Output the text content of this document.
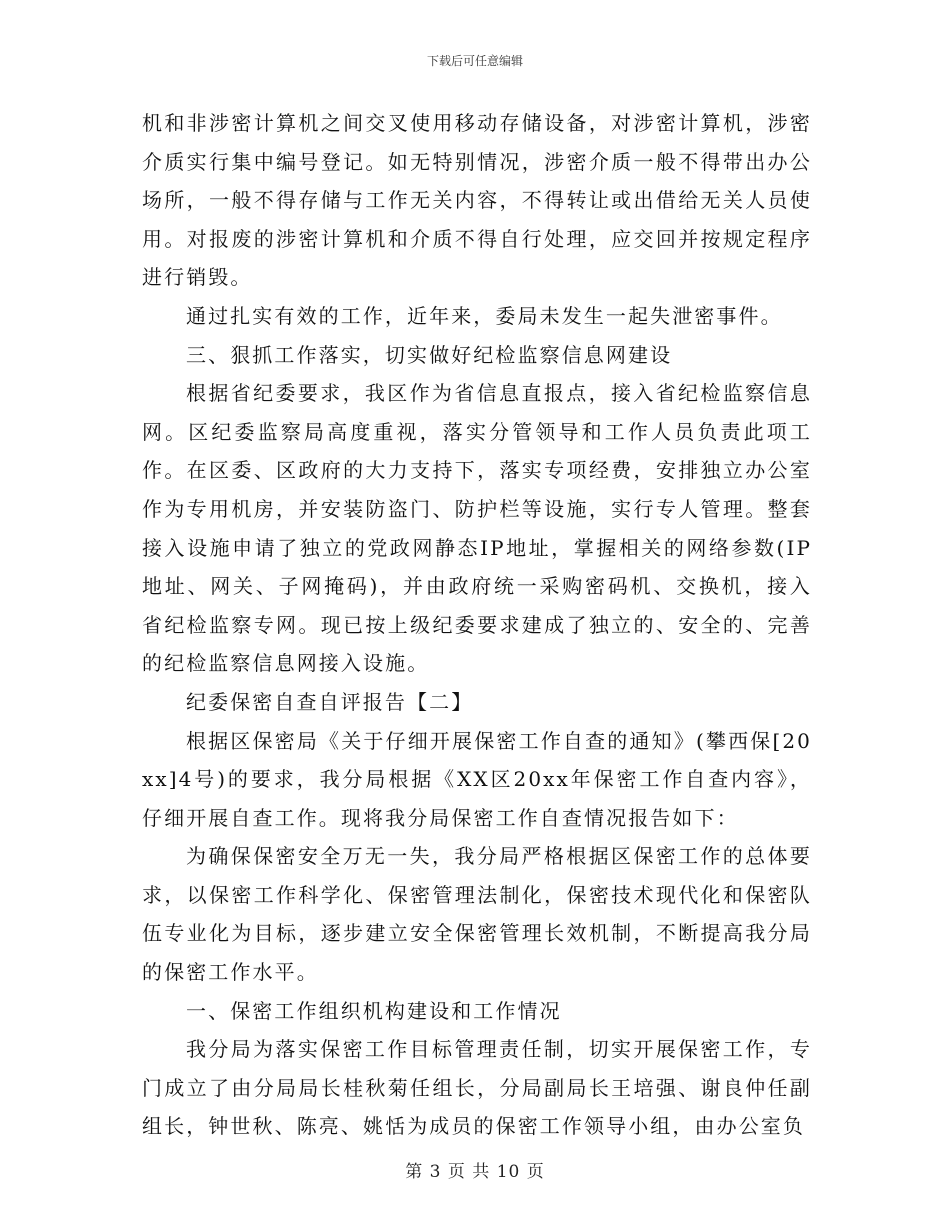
下载后可任意编辑

机和非涉密计算机之间交叉使用移动存储设备，对涉密计算机，涉密介质实行集中编号登记。如无特别情况，涉密介质一般不得带出办公场所，一般不得存储与工作无关内容，不得转让或出借给无关人员使用。对报废的涉密计算机和介质不得自行处理，应交回并按规定程序进行销毁。

通过扎实有效的工作，近年来，委局未发生一起失泄密事件。

三、狠抓工作落实，切实做好纪检监察信息网建设

根据省纪委要求，我区作为省信息直报点，接入省纪检监察信息网。区纪委监察局高度重视，落实分管领导和工作人员负责此项工作。在区委、区政府的大力支持下，落实专项经费，安排独立办公室作为专用机房，并安装防盗门、防护栏等设施，实行专人管理。整套接入设施申请了独立的党政网静态IP地址，掌握相关的网络参数(IP地址、网关、子网掩码)，并由政府统一采购密码机、交换机，接入省纪检监察专网。现已按上级纪委要求建成了独立的、安全的、完善的纪检监察信息网接入设施。

纪委保密自查自评报告【二】

根据区保密局《关于仔细开展保密工作自查的通知》(攀西保[20xx]4号)的要求，我分局根据《XX区20xx年保密工作自查内容》，仔细开展自查工作。现将我分局保密工作自查情况报告如下：

为确保保密安全万无一失，我分局严格根据区保密工作的总体要求，以保密工作科学化、保密管理法制化，保密技术现代化和保密队伍专业化为目标，逐步建立安全保密管理长效机制，不断提高我分局的保密工作水平。

一、保密工作组织机构建设和工作情况

我分局为落实保密工作目标管理责任制，切实开展保密工作，专门成立了由分局局长桂秋菊任组长，分局副局长王培强、谢良仲任副组长，钟世秋、陈亮、姚恬为成员的保密工作领导小组，由办公室负

第 3 页 共 10 页
